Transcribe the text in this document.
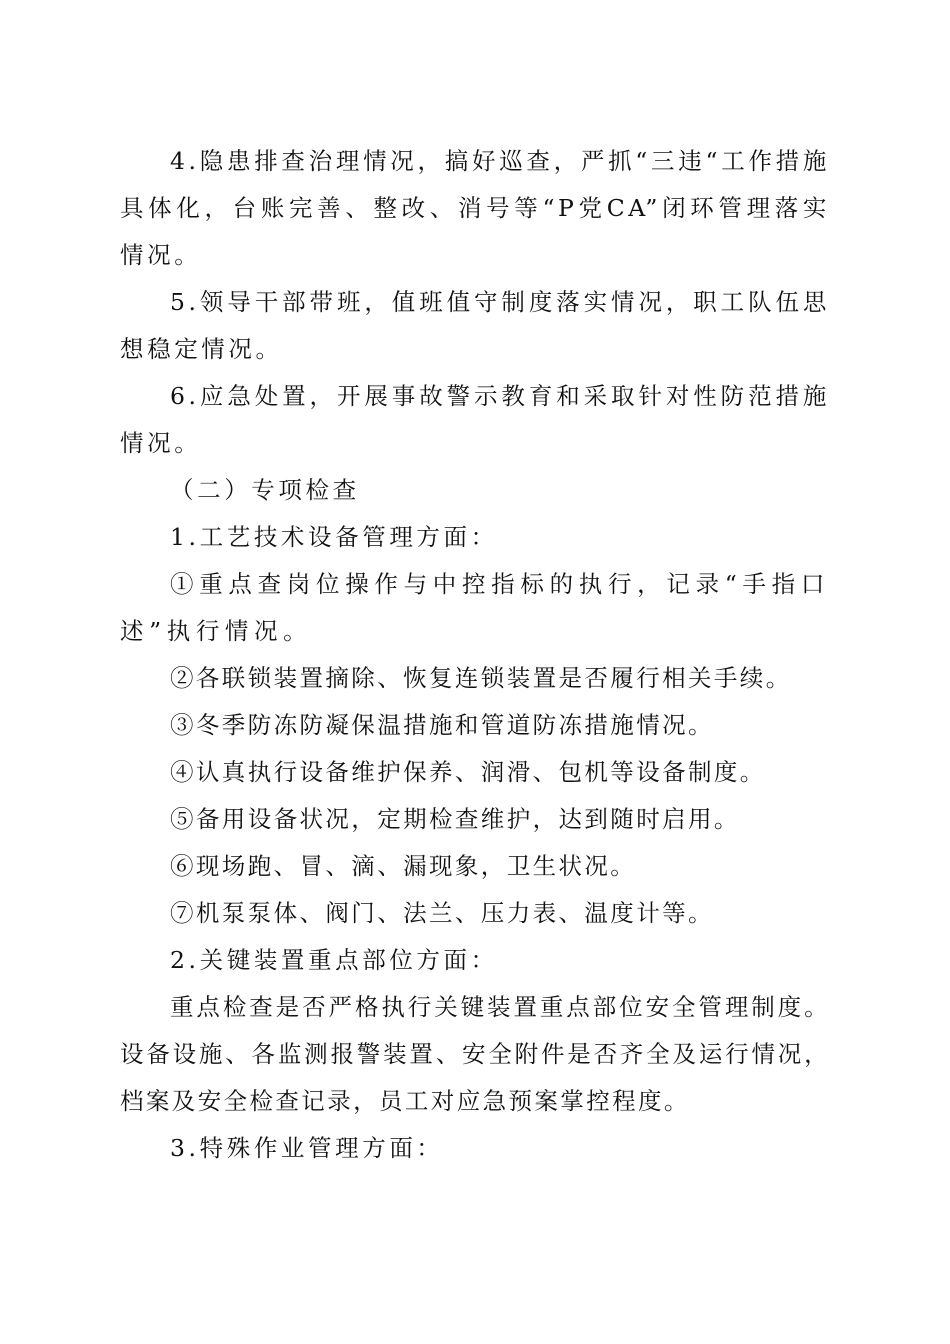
4.隐患排查治理情况，搞好巡查，严抓“三违“工作措施具体化，台账完善、整改、消号等“P党CA”闭环管理落实情况。

5.领导干部带班，值班值守制度落实情况，职工队伍思想稳定情况。

6.应急处置，开展事故警示教育和采取针对性防范措施情况。

（二）专项检查

1.工艺技术设备管理方面：

①重点查岗位操作与中控指标的执行，记录“手指口述”执行情况。

②各联锁装置摘除、恢复连锁装置是否履行相关手续。

③冬季防冻防凝保温措施和管道防冻措施情况。

④认真执行设备维护保养、润滑、包机等设备制度。

⑤备用设备状况，定期检查维护，达到随时启用。

⑥现场跑、冒、滴、漏现象，卫生状况。

⑦机泵泵体、阀门、法兰、压力表、温度计等。

2.关键装置重点部位方面：

重点检查是否严格执行关键装置重点部位安全管理制度。设备设施、各监测报警装置、安全附件是否齐全及运行情况，档案及安全检查记录，员工对应急预案掌控程度。

3.特殊作业管理方面：
